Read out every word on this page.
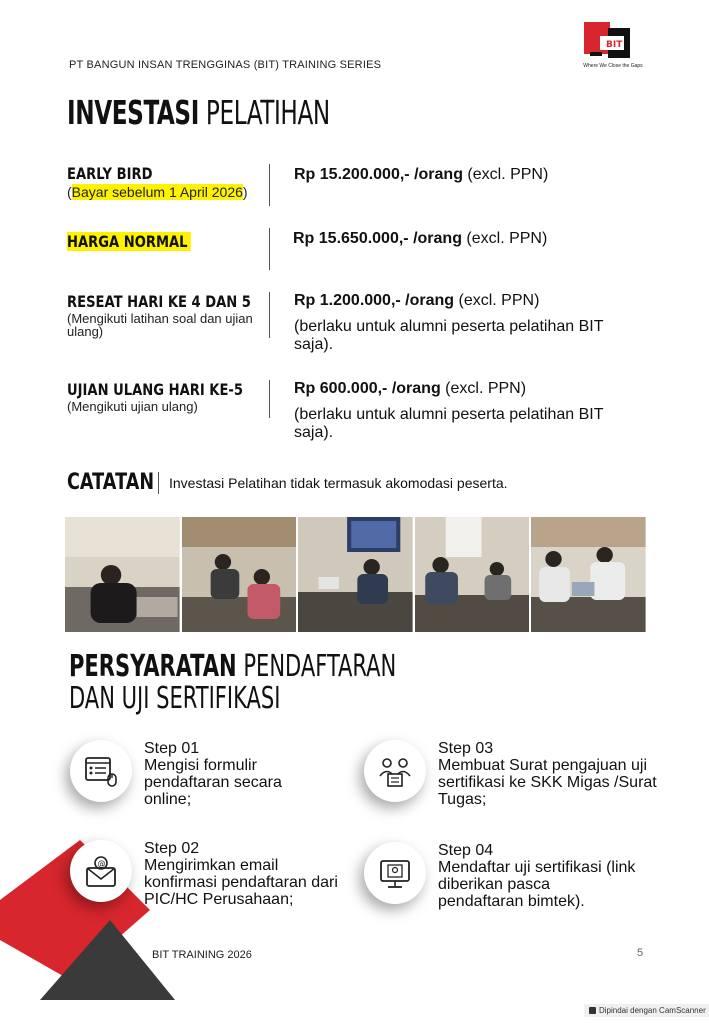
PT BANGUN INSAN TRENGGINAS (BIT) TRAINING SERIES
BIT
Where We Close the Gaps
INVESTASI PELATIHAN
EARLY BIRD
(Bayar sebelum 1 April 2026)
Rp 15.200.000,- /orang (excl. PPN)
HARGA NORMAL	Rp 15.650.000,- /orang (excl. PPN)
RESEAT HARI KE 4 DAN 5
(Mengikuti latihan soal dan ujian ulang)
Rp 1.200.000,- /orang (excl. PPN)
(berlaku untuk alumni peserta pelatihan BIT saja).
UJIAN ULANG HARI KE-5
(Mengikuti ujian ulang)
Rp 600.000,- /orang (excl. PPN)
(berlaku untuk alumni peserta pelatihan BIT saja).
CATATAN Investasi Pelatihan tidak termasuk akomodasi peserta.
PERSYARATAN PENDAFTARAN
DAN UJI SERTIFIKASI
Step 01
Mengisi formulir pendaftaran secara online;
@
Step 02
Mengirimkan email konfirmasi pendaftaran dari PIC/HC Perusahaan;
Step 03
Membuat Surat pengajuan uji sertifikasi ke SKK Migas /Surat Tugas;
Step 04
Mendaftar uji sertifikasi (link diberikan pasca pendaftaran bimtek).
BIT TRAINING 2026	5
Dipindai dengan CamScanner
